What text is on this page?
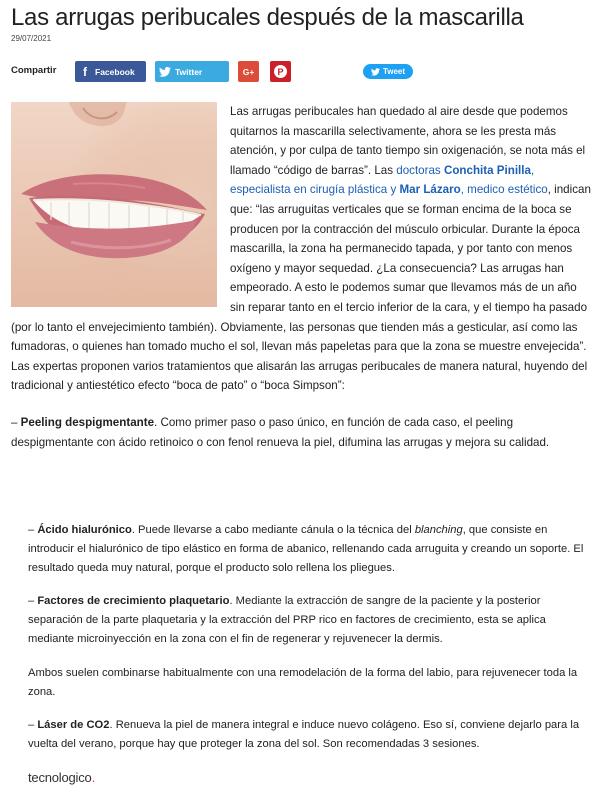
Las arrugas peribucales después de la mascarilla
29/07/2021
Compartir	f Facebook	Twitter	G+	P	Tweet

Las arrugas peribucales han quedado al aire desde que podemos quitarnos la mascarilla selectivamente, ahora se les presta más atención, y por culpa de tanto tiempo sin oxigenación, se nota más el llamado “código de barras”. Las doctoras Conchita Pinilla, especialista en cirugía plástica y Mar Lázaro, medico estético, indican que: “las arruguitas verticales que se forman encima de la boca se producen por la contracción del músculo orbicular. Durante la época mascarilla, la zona ha permanecido tapada, y por tanto con menos oxígeno y mayor sequedad. ¿La consecuencia? Las arrugas han empeorado. A esto le podemos sumar que llevamos más de un año sin reparar tanto en el tercio inferior de la cara, y el tiempo ha pasado (por lo tanto el envejecimiento también). Obviamente, las personas que tienden más a gesticular, así como las fumadoras, o quienes han tomado mucho el sol, llevan más papeletas para que la zona se muestre envejecida”. Las expertas proponen varios tratamientos que alisarán las arrugas peribucales de manera natural, huyendo del tradicional y antiestético efecto “boca de pato” o “boca Simpson”:

– Peeling despigmentante. Como primer paso o paso único, en función de cada caso, el peeling despigmentante con ácido retinoico o con fenol renueva la piel, difumina las arrugas y mejora su calidad.

– Ácido hialurónico. Puede llevarse a cabo mediante cánula o la técnica del blanching, que consiste en introducir el hialurónico de tipo elástico en forma de abanico, rellenando cada arruguita y creando un soporte. El resultado queda muy natural, porque el producto solo rellena los pliegues.
– Factores de crecimiento plaquetario. Mediante la extracción de sangre de la paciente y la posterior separación de la parte plaquetaria y la extracción del PRP rico en factores de crecimiento, esta se aplica mediante microinyección en la zona con el fin de regenerar y rejuvenecer la dermis.
Ambos suelen combinarse habitualmente con una remodelación de la forma del labio, para rejuvenecer toda la zona.
– Láser de CO2. Renueva la piel de manera integral e induce nuevo colágeno. Eso sí, conviene dejarlo para la vuelta del verano, porque hay que proteger la zona del sol. Son recomendadas 3 sesiones.
tecnologico.
